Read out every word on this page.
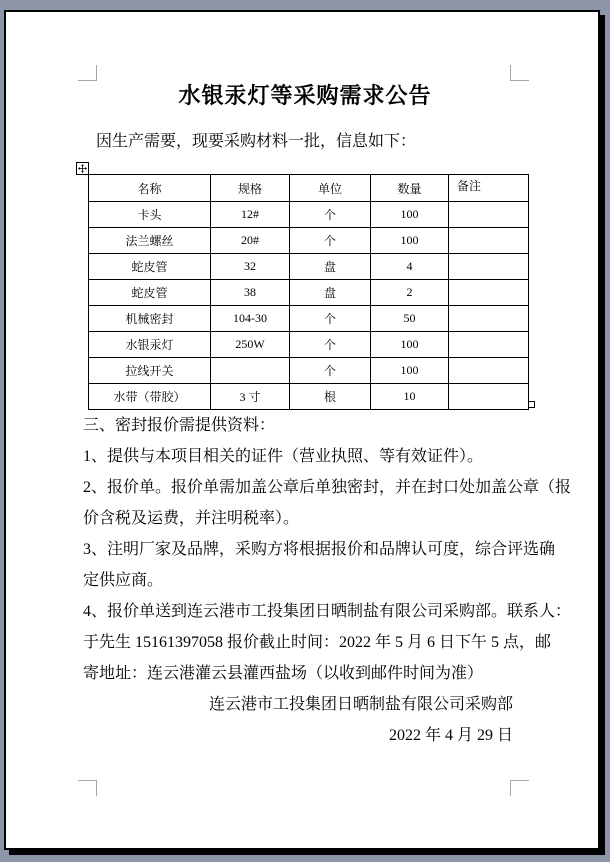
水银汞灯等采购需求公告
因生产需要，现要采购材料一批，信息如下：
名称	规格	单位	数量	备注
卡头	12#	个	100	
法兰螺丝	20#	个	100	
蛇皮管	32	盘	4	
蛇皮管	38	盘	2	
机械密封	104-30	个	50	
水银汞灯	250W	个	100	
拉线开关		个	100	
水带（带胶）	3 寸	根	10	
三、密封报价需提供资料：
1、提供与本项目相关的证件（营业执照、等有效证件）。
2、报价单。报价单需加盖公章后单独密封，并在封口处加盖公章（报
价含税及运费，并注明税率）。
3、注明厂家及品牌，采购方将根据报价和品牌认可度，综合评选确
定供应商。
4、报价单送到连云港市工投集团日晒制盐有限公司采购部。联系人：
于先生 15161397058 报价截止时间：2022 年 5 月 6 日下午 5 点，邮
寄地址：连云港灌云县灌西盐场（以收到邮件时间为准）
连云港市工投集团日晒制盐有限公司采购部
2022 年 4 月 29 日
